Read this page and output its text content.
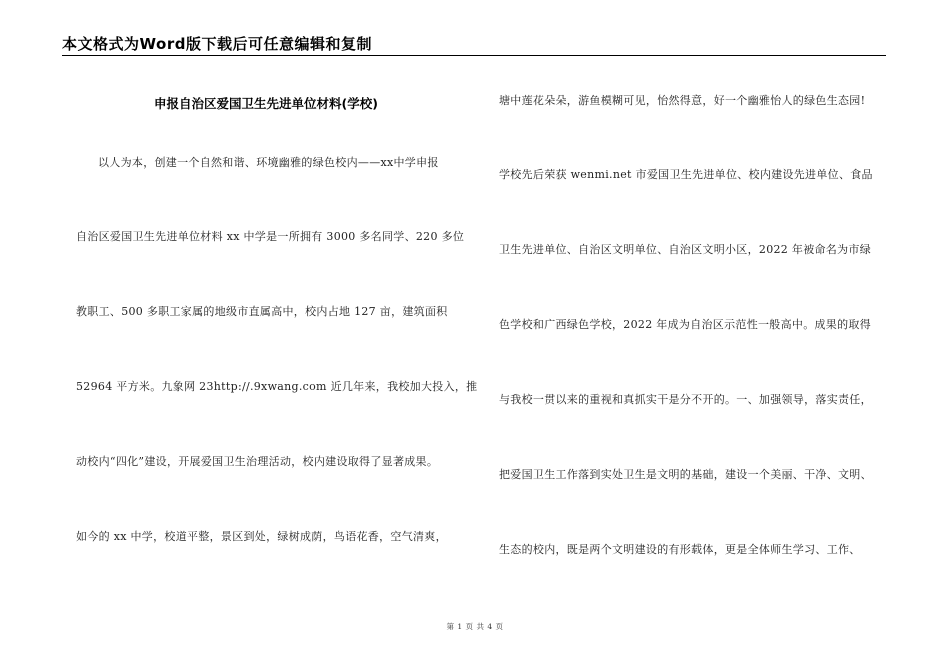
本文格式为Word版下载后可任意编辑和复制
申报自治区爱国卫生先进单位材料(学校)
以人为本，创建一个自然和谐、环境幽雅的绿色校内——xx中学申报
自治区爱国卫生先进单位材料 xx 中学是一所拥有 3000 多名同学、220 多位
教职工、500 多职工家属的地级市直属高中，校内占地 127 亩，建筑面积
52964 平方米。九象网 23http://.9xwang.com 近几年来，我校加大投入，推
动校内“四化”建设，开展爱国卫生治理活动，校内建设取得了显著成果。
如今的 xx 中学，校道平整，景区到处，绿树成荫，鸟语花香，空气清爽，
塘中莲花朵朵，游鱼模糊可见，怡然得意，好一个幽雅怡人的绿色生态园!
学校先后荣获 wenmi.net 市爱国卫生先进单位、校内建设先进单位、食品
卫生先进单位、自治区文明单位、自治区文明小区，2022 年被命名为市绿
色学校和广西绿色学校，2022 年成为自治区示范性一般高中。成果的取得
与我校一贯以来的重视和真抓实干是分不开的。一、加强领导，落实责任，
把爱国卫生工作落到实处卫生是文明的基础，建设一个美丽、干净、文明、
生态的校内，既是两个文明建设的有形载体，更是全体师生学习、工作、
第 1 页 共 4 页
